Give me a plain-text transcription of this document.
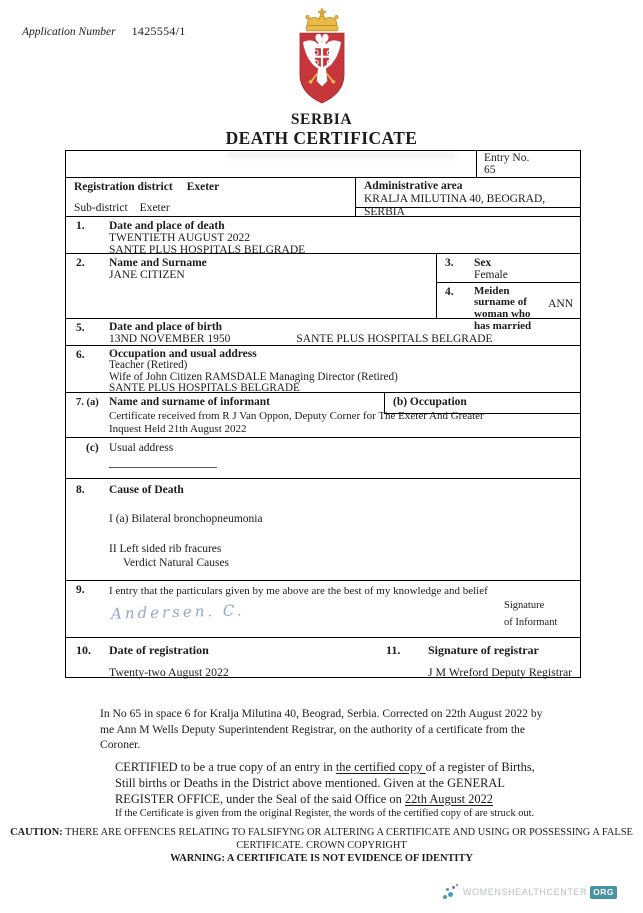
Application Number 1425554/1
SERBIA
DEATH CERTIFICATE
Entry No.
65
Registration district Exeter
Sub-district Exeter
Administrative area
KRALJA MILUTINA 40, BEOGRAD, SERBIA
1. Date and place of death
TWENTIETH AUGUST 2022
SANTE PLUS HOSPITALS BELGRADE
2. Name and Surname
JANE CITIZEN
3. Sex
Female
4. Meiden surname of woman who has married
ANN
5. Date and place of birth
13ND NOVEMBER 1950	SANTE PLUS HOSPITALS BELGRADE
6. Occupation and usual address
Teacher (Retired)
Wife of John Citizen RAMSDALE Managing Director (Retired)
SANTE PLUS HOSPITALS BELGRADE
(b) Occupation
7. (a) Name and surname of informant
Certificate received from R J Van Oppon, Deputy Corner for The Exeter And Greater
Inquest Held 21th August 2022
(c) Usual address
8. Cause of Death
I (a) Bilateral bronchopneumonia
II Left sided rib fracures
Verdict Natural Causes
9. I entry that the particulars given by me above are the best of my knowledge and belief
Andersen. C.	Signature
of Informant
10. Date of registration
Twenty-two August 2022
11. Signature of registrar
J M Wreford Deputy Registrar
In No 65 in space 6 for Kralja Milutina 40, Beograd, Serbia. Corrected on 22th August 2022 by me Ann M Wells Deputy Superintendent Registrar, on the authority of a certificate from the Coroner.
CERTIFIED to be a true copy of an entry in the certified copy of a register of Births, Still births or Deaths in the District above mentioned. Given at the GENERAL REGISTER OFFICE, under the Seal of the said Office on 22th August 2022
If the Certificate is given from the original Register, the words of the certified copy of are struck out.
CAUTION: THERE ARE OFFENCES RELATING TO FALSIFYNG OR ALTERING A CERTIFICATE AND USING OR POSSESSING A FALSE CERTIFICATE. CROWN COPYRIGHT
WARNING: A CERTIFICATE IS NOT EVIDENCE OF IDENTITY
WOMENSHEALTHCENTER ORG
